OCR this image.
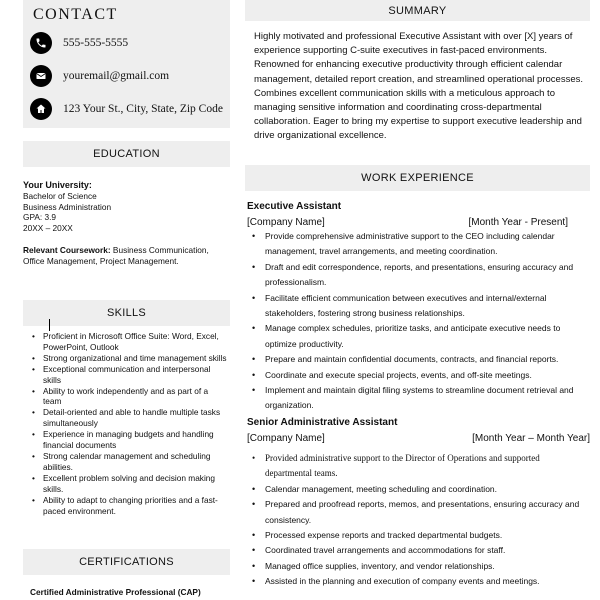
CONTACT
555-555-5555
youremail@gmail.com
123 Your St., City, State, Zip Code
EDUCATION
Your University:
Bachelor of Science
Business Administration
GPA: 3.9
20XX – 20XX
Relevant Coursework: Business Communication, Office Management, Project Management.
SKILLS
• Proficient in Microsoft Office Suite: Word, Excel, PowerPoint, Outlook
• Strong organizational and time management skills
• Exceptional communication and interpersonal skills
• Ability to work independently and as part of a team
• Detail-oriented and able to handle multiple tasks simultaneously
• Experience in managing budgets and handling financial documents
• Strong calendar management and scheduling abilities.
• Excellent problem solving and decision making skills.
• Ability to adapt to changing priorities and a fast-paced environment.
CERTIFICATIONS
Certified Administrative Professional (CAP)
SUMMARY
Highly motivated and professional Executive Assistant with over [X] years of experience supporting C-suite executives in fast-paced environments. Renowned for enhancing executive productivity through efficient calendar management, detailed report creation, and streamlined operational processes. Combines excellent communication skills with a meticulous approach to managing sensitive information and coordinating cross-departmental collaboration. Eager to bring my expertise to support executive leadership and drive organizational excellence.
WORK EXPERIENCE
Executive Assistant
[Company Name]	[Month Year - Present]
• Provide comprehensive administrative support to the CEO including calendar management, travel arrangements, and meeting coordination.
• Draft and edit correspondence, reports, and presentations, ensuring accuracy and professionalism.
• Facilitate efficient communication between executives and internal/external stakeholders, fostering strong business relationships.
• Manage complex schedules, prioritize tasks, and anticipate executive needs to optimize productivity.
• Prepare and maintain confidential documents, contracts, and financial reports.
• Coordinate and execute special projects, events, and off-site meetings.
• Implement and maintain digital filing systems to streamline document retrieval and organization.
Senior Administrative Assistant
[Company Name]	[Month Year – Month Year]
• Provided administrative support to the Director of Operations and supported departmental teams.
• Calendar management, meeting scheduling and coordination.
• Prepared and proofread reports, memos, and presentations, ensuring accuracy and consistency.
• Processed expense reports and tracked departmental budgets.
• Coordinated travel arrangements and accommodations for staff.
• Managed office supplies, inventory, and vendor relationships.
• Assisted in the planning and execution of company events and meetings.
